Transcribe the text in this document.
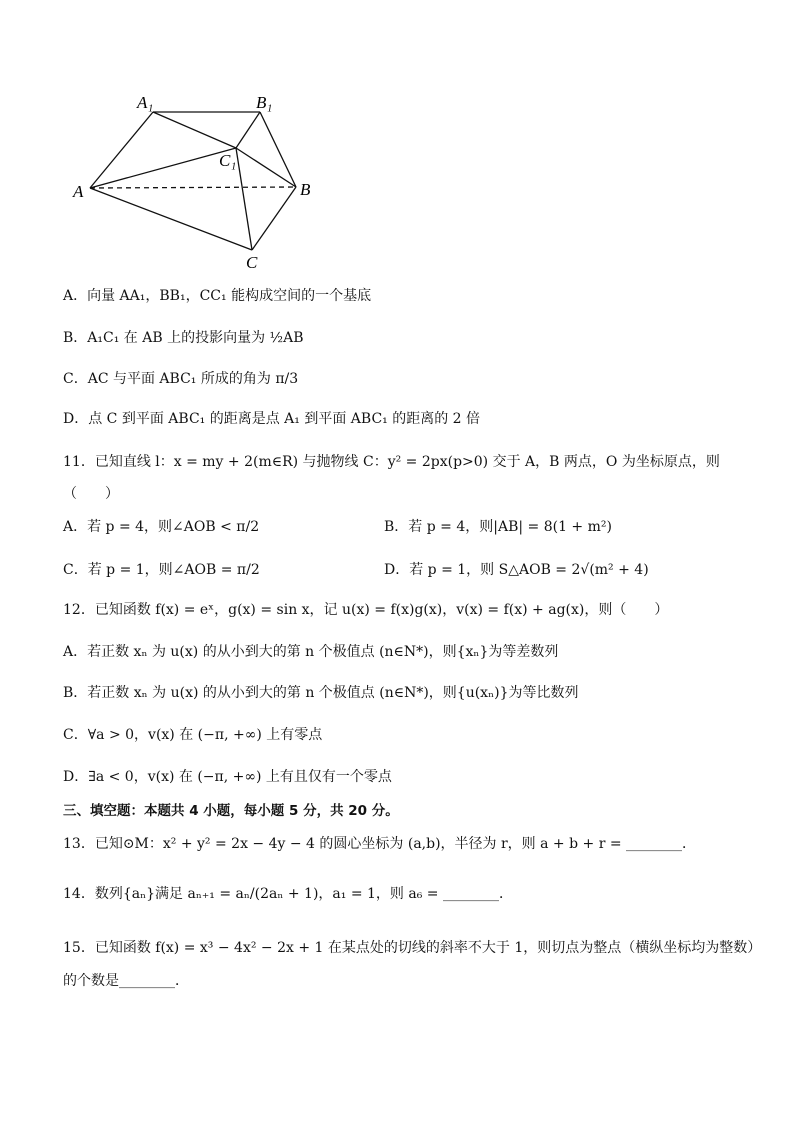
A₁	B₁
C₁
A	B
C
A．向量 AA₁，BB₁，CC₁ 能构成空间的一个基底
B．A₁C₁ 在 AB 上的投影向量为 ½AB
C．AC 与平面 ABC₁ 所成的角为 π/3
D．点 C 到平面 ABC₁ 的距离是点 A₁ 到平面 ABC₁ 的距离的 2 倍
11．已知直线 l：x = my + 2(m∈R) 与抛物线 C：y² = 2px(p>0) 交于 A，B 两点，O 为坐标原点，则
（　　）
A．若 p = 4，则∠AOB < π/2	B．若 p = 4，则|AB| = 8(1 + m²)
C．若 p = 1，则∠AOB = π/2	D．若 p = 1，则 S△AOB = 2√(m² + 4)
12．已知函数 f(x) = eˣ，g(x) = sin x，记 u(x) = f(x)g(x)，v(x) = f(x) + ag(x)，则（　　）
A．若正数 xₙ 为 u(x) 的从小到大的第 n 个极值点 (n∈N*)，则{xₙ}为等差数列
B．若正数 xₙ 为 u(x) 的从小到大的第 n 个极值点 (n∈N*)，则{u(xₙ)}为等比数列
C．∀a > 0，v(x) 在 (−π, +∞) 上有零点
D．∃a < 0，v(x) 在 (−π, +∞) 上有且仅有一个零点
三、填空题：本题共 4 小题，每小题 5 分，共 20 分。
13．已知⊙M：x² + y² = 2x − 4y − 4 的圆心坐标为 (a,b)，半径为 r，则 a + b + r = ________．
14．数列{aₙ}满足 aₙ₊₁ = aₙ/(2aₙ + 1)，a₁ = 1，则 a₆ = ________．
15．已知函数 f(x) = x³ − 4x² − 2x + 1 在某点处的切线的斜率不大于 1，则切点为整点（横纵坐标均为整数）
的个数是________．
